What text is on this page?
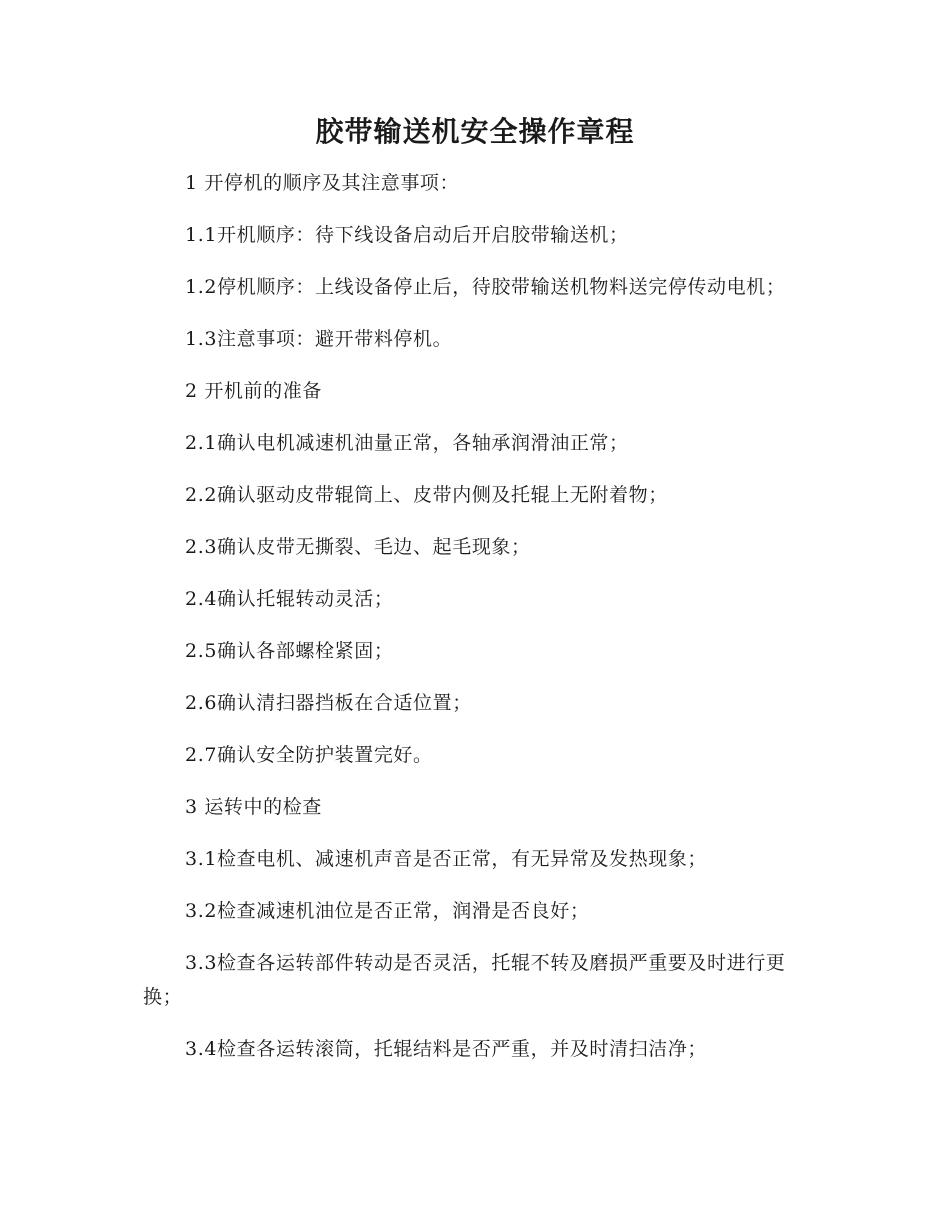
胶带输送机安全操作章程

1 开停机的顺序及其注意事项：

1.1开机顺序：待下线设备启动后开启胶带输送机；

1.2停机顺序：上线设备停止后，待胶带输送机物料送完停传动电机；

1.3注意事项：避开带料停机。

2 开机前的准备

2.1确认电机减速机油量正常，各轴承润滑油正常；

2.2确认驱动皮带辊筒上、皮带内侧及托辊上无附着物；

2.3确认皮带无撕裂、毛边、起毛现象；

2.4确认托辊转动灵活；

2.5确认各部螺栓紧固；

2.6确认清扫器挡板在合适位置；

2.7确认安全防护装置完好。

3 运转中的检查

3.1检查电机、减速机声音是否正常，有无异常及发热现象；

3.2检查减速机油位是否正常，润滑是否良好；

3.3检查各运转部件转动是否灵活，托辊不转及磨损严重要及时进行更换；

3.4检查各运转滚筒，托辊结料是否严重，并及时清扫洁净；
